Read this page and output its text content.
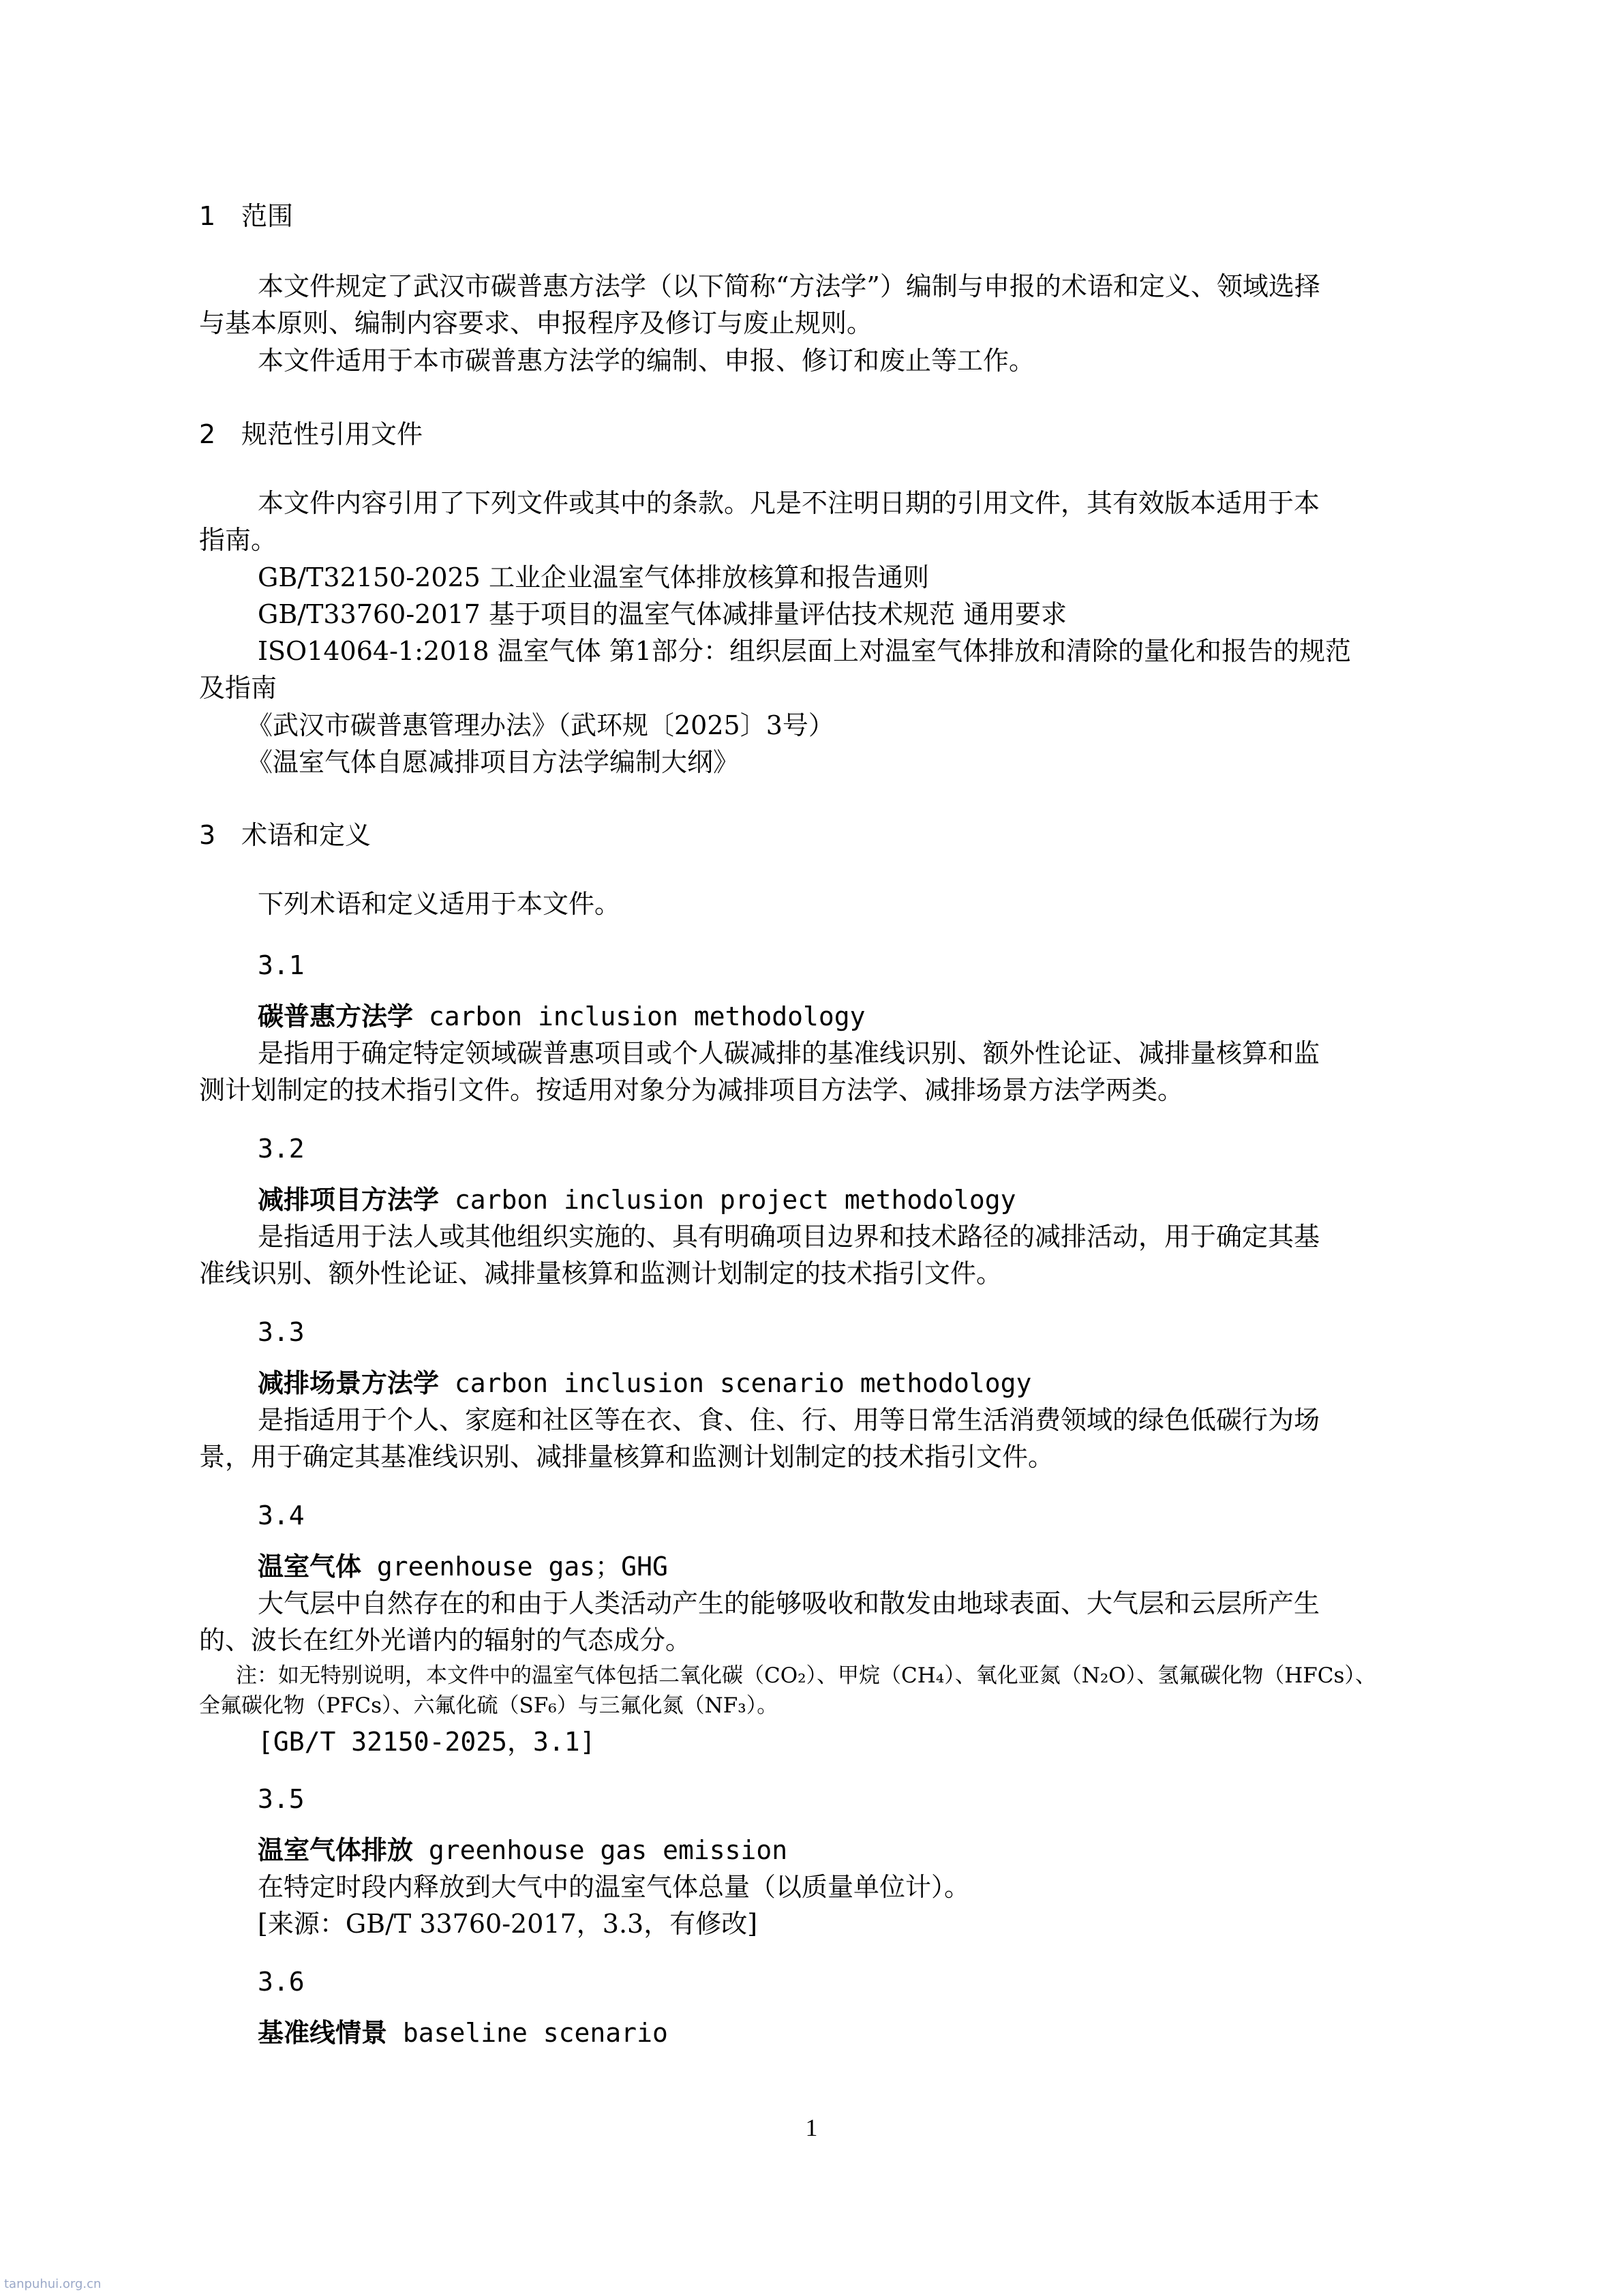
1 范围
本文件规定了武汉市碳普惠方法学（以下简称“方法学”）编制与申报的术语和定义、领域选择
与基本原则、编制内容要求、申报程序及修订与废止规则。
本文件适用于本市碳普惠方法学的编制、申报、修订和废止等工作。
2 规范性引用文件
本文件内容引用了下列文件或其中的条款。凡是不注明日期的引用文件，其有效版本适用于本
指南。
GB/T32150-2025 工业企业温室气体排放核算和报告通则
GB/T33760-2017 基于项目的温室气体减排量评估技术规范 通用要求
ISO14064-1:2018 温室气体 第1部分：组织层面上对温室气体排放和清除的量化和报告的规范
及指南
《武汉市碳普惠管理办法》（武环规〔2025〕3号）
《温室气体自愿减排项目方法学编制大纲》
3 术语和定义
下列术语和定义适用于本文件。
3.1
碳普惠方法学 carbon inclusion methodology
是指用于确定特定领域碳普惠项目或个人碳减排的基准线识别、额外性论证、减排量核算和监
测计划制定的技术指引文件。按适用对象分为减排项目方法学、减排场景方法学两类。
3.2
减排项目方法学 carbon inclusion project methodology
是指适用于法人或其他组织实施的、具有明确项目边界和技术路径的减排活动，用于确定其基
准线识别、额外性论证、减排量核算和监测计划制定的技术指引文件。
3.3
减排场景方法学 carbon inclusion scenario methodology
是指适用于个人、家庭和社区等在衣、食、住、行、用等日常生活消费领域的绿色低碳行为场
景，用于确定其基准线识别、减排量核算和监测计划制定的技术指引文件。
3.4
温室气体 greenhouse gas；GHG
大气层中自然存在的和由于人类活动产生的能够吸收和散发由地球表面、大气层和云层所产生
的、波长在红外光谱内的辐射的气态成分。
注：如无特别说明，本文件中的温室气体包括二氧化碳（CO₂）、甲烷（CH₄）、氧化亚氮（N₂O）、氢氟碳化物（HFCs）、
全氟碳化物（PFCs）、六氟化硫（SF₆）与三氟化氮（NF₃）。
[GB/T 32150-2025，3.1]
3.5
温室气体排放 greenhouse gas emission
在特定时段内释放到大气中的温室气体总量（以质量单位计）。
[来源：GB/T 33760-2017，3.3，有修改]
3.6
基准线情景 baseline scenario
1
tanpuhui.org.cn
